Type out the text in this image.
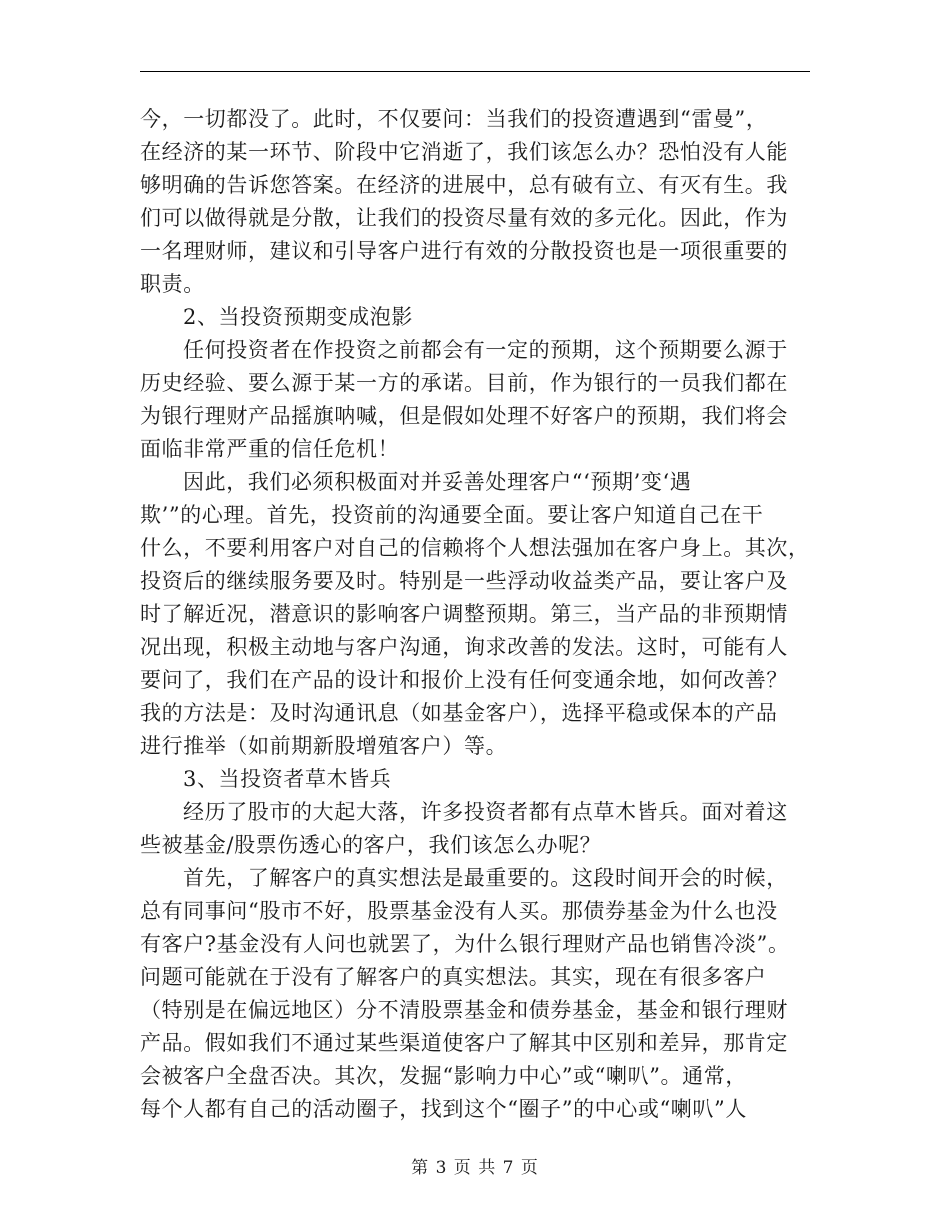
今，一切都没了。此时，不仅要问：当我们的投资遭遇到“雷曼”，
在经济的某一环节、阶段中它消逝了，我们该怎么办？恐怕没有人能
够明确的告诉您答案。在经济的进展中，总有破有立、有灭有生。我
们可以做得就是分散，让我们的投资尽量有效的多元化。因此，作为
一名理财师，建议和引导客户进行有效的分散投资也是一项很重要的
职责。
2、当投资预期变成泡影
任何投资者在作投资之前都会有一定的预期，这个预期要么源于
历史经验、要么源于某一方的承诺。目前，作为银行的一员我们都在
为银行理财产品摇旗呐喊，但是假如处理不好客户的预期，我们将会
面临非常严重的信任危机！
因此，我们必须积极面对并妥善处理客户“‘预期’变‘遇
欺’”的心理。首先，投资前的沟通要全面。要让客户知道自己在干
什么，不要利用客户对自己的信赖将个人想法强加在客户身上。其次，
投资后的继续服务要及时。特别是一些浮动收益类产品，要让客户及
时了解近况，潜意识的影响客户调整预期。第三，当产品的非预期情
况出现，积极主动地与客户沟通，询求改善的发法。这时，可能有人
要问了，我们在产品的设计和报价上没有任何变通余地，如何改善？
我的方法是：及时沟通讯息（如基金客户），选择平稳或保本的产品
进行推举（如前期新股增殖客户）等。
3、当投资者草木皆兵
经历了股市的大起大落，许多投资者都有点草木皆兵。面对着这
些被基金/股票伤透心的客户，我们该怎么办呢？
首先，了解客户的真实想法是最重要的。这段时间开会的时候，
总有同事问“股市不好，股票基金没有人买。那债券基金为什么也没
有客户?基金没有人问也就罢了，为什么银行理财产品也销售冷淡”。
问题可能就在于没有了解客户的真实想法。其实，现在有很多客户
（特别是在偏远地区）分不清股票基金和债券基金，基金和银行理财
产品。假如我们不通过某些渠道使客户了解其中区别和差异，那肯定
会被客户全盘否决。其次，发掘“影响力中心”或“喇叭”。通常，
每个人都有自己的活动圈子，找到这个“圈子”的中心或“喇叭”人
第 3 页 共 7 页
